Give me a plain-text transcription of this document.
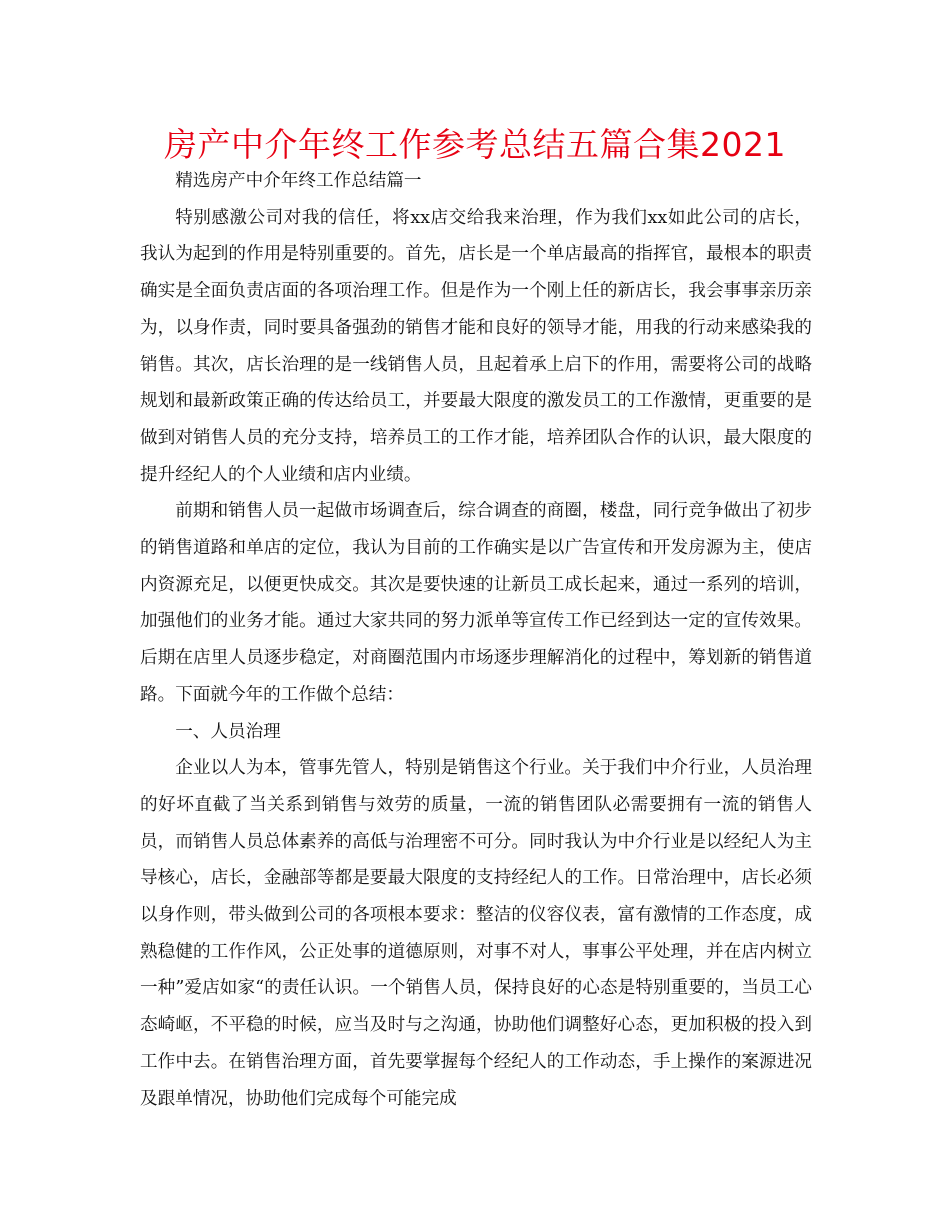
房产中介年终工作参考总结五篇合集2021

精选房产中介年终工作总结篇一

特别感激公司对我的信任，将xx店交给我来治理，作为我们xx如此公司的店长，我认为起到的作用是特别重要的。首先，店长是一个单店最高的指挥官，最根本的职责确实是全面负责店面的各项治理工作。但是作为一个刚上任的新店长，我会事事亲历亲为，以身作责，同时要具备强劲的销售才能和良好的领导才能，用我的行动来感染我的销售。其次，店长治理的是一线销售人员，且起着承上启下的作用，需要将公司的战略规划和最新政策正确的传达给员工，并要最大限度的激发员工的工作激情，更重要的是做到对销售人员的充分支持，培养员工的工作才能，培养团队合作的认识，最大限度的提升经纪人的个人业绩和店内业绩。

前期和销售人员一起做市场调查后，综合调查的商圈，楼盘，同行竞争做出了初步的销售道路和单店的定位，我认为目前的工作确实是以广告宣传和开发房源为主，使店内资源充足，以便更快成交。其次是要快速的让新员工成长起来，通过一系列的培训，加强他们的业务才能。通过大家共同的努力派单等宣传工作已经到达一定的宣传效果。后期在店里人员逐步稳定，对商圈范围内市场逐步理解消化的过程中，筹划新的销售道路。下面就今年的工作做个总结：

一、人员治理

企业以人为本，管事先管人，特别是销售这个行业。关于我们中介行业，人员治理的好坏直截了当关系到销售与效劳的质量，一流的销售团队必需要拥有一流的销售人员，而销售人员总体素养的高低与治理密不可分。同时我认为中介行业是以经纪人为主导核心，店长，金融部等都是要最大限度的支持经纪人的工作。日常治理中，店长必须以身作则，带头做到公司的各项根本要求：整洁的仪容仪表，富有激情的工作态度，成熟稳健的工作作风，公正处事的道德原则，对事不对人，事事公平处理，并在店内树立一种”爱店如家“的责任认识。一个销售人员，保持良好的心态是特别重要的，当员工心态崎岖，不平稳的时候，应当及时与之沟通，协助他们调整好心态，更加积极的投入到工作中去。在销售治理方面，首先要掌握每个经纪人的工作动态，手上操作的案源进况及跟单情况，协助他们完成每个可能完成
